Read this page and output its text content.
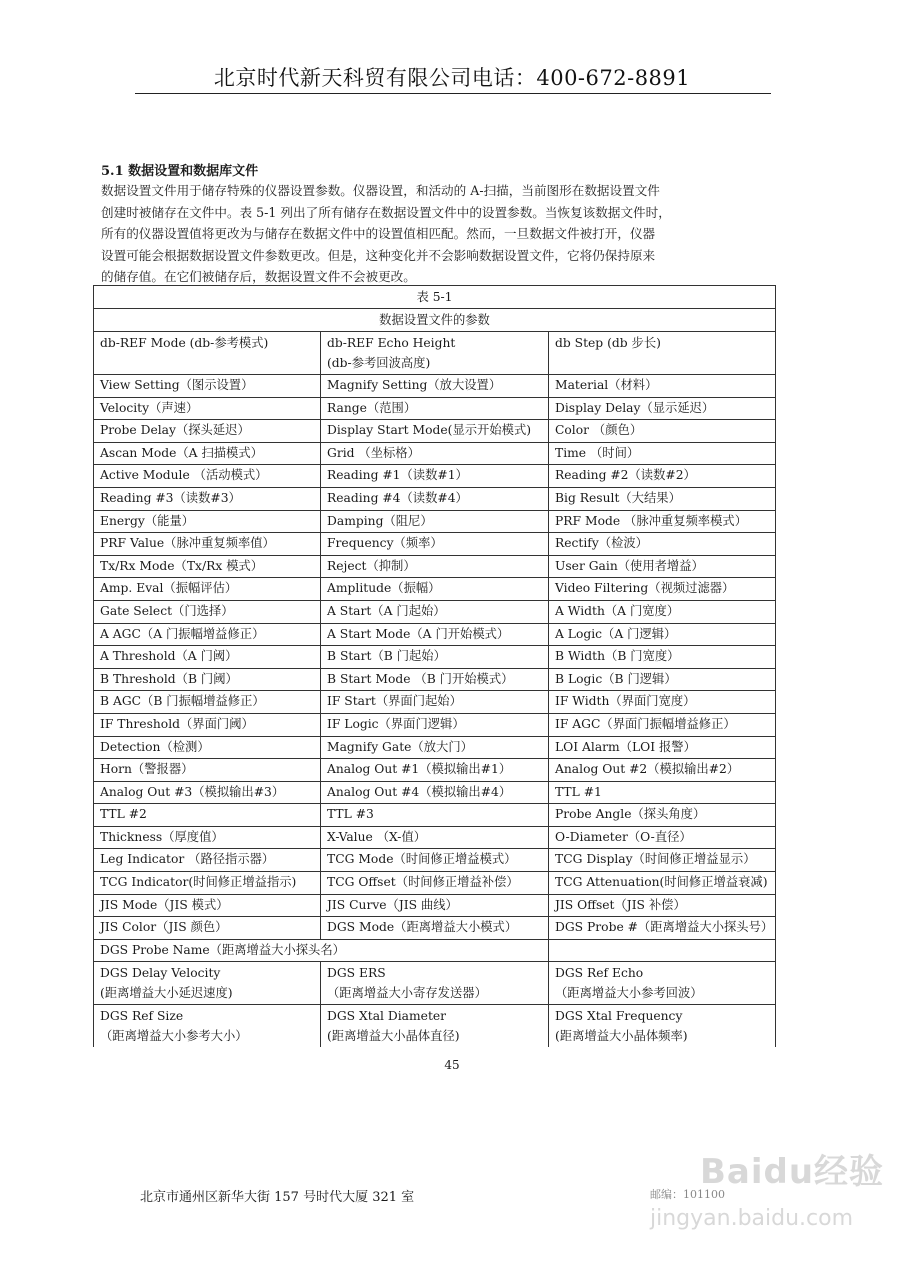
北京时代新天科贸有限公司电话：400-672-8891
5.1 数据设置和数据库文件

数据设置文件用于储存特殊的仪器设置参数。仪器设置，和活动的 A-扫描，当前图形在数据设置文件
创建时被储存在文件中。表 5-1 列出了所有储存在数据设置文件中的设置参数。当恢复该数据文件时，
所有的仪器设置值将更改为与储存在数据文件中的设置值相匹配。然而，一旦数据文件被打开，仪器
设置可能会根据数据设置文件参数更改。但是，这种变化并不会影响数据设置文件，它将仍保持原来
的储存值。在它们被储存后，数据设置文件不会被更改。

表 5-1		
数据设置文件的参数		

db-REF Mode (db-参考模式)	db-REF Echo Height
(db-参考回波高度)	db Step (db 步长)

View Setting（图示设置）	Magnify Setting（放大设置）	Material（材料）

Velocity（声速）	Range（范围）	Display Delay（显示延迟）

Probe Delay（探头延迟）	Display Start Mode(显示开始模式)	Color （颜色）

Ascan Mode（A 扫描模式）	Grid （坐标格）	Time （时间）

Active Module （活动模式）	Reading #1（读数#1）	Reading #2（读数#2）

Reading #3（读数#3）	Reading #4（读数#4）	Big Result（大结果）

Energy（能量）	Damping（阻尼）	PRF Mode （脉冲重复频率模式）

PRF Value（脉冲重复频率值）	Frequency（频率）	Rectify（检波）

Tx/Rx Mode（Tx/Rx 模式）	Reject（抑制）	User Gain（使用者增益）

Amp. Eval（振幅评估）	Amplitude（振幅）	Video Filtering（视频过滤器）

Gate Select（门选择）	A Start（A 门起始）	A Width（A 门宽度）

A AGC（A 门振幅增益修正）	A Start Mode（A 门开始模式）	A Logic（A 门逻辑）

A Threshold（A 门阈）	B Start（B 门起始）	B Width（B 门宽度）

B Threshold（B 门阈）	B Start Mode （B 门开始模式）	B Logic（B 门逻辑）

B AGC（B 门振幅增益修正）	IF Start（界面门起始）	IF Width（界面门宽度）

IF Threshold（界面门阈）	IF Logic（界面门逻辑）	IF AGC（界面门振幅增益修正）

Detection（检测）	Magnify Gate（放大门）	LOI Alarm（LOI 报警）

Horn（警报器）	Analog Out #1（模拟输出#1）	Analog Out #2（模拟输出#2）

Analog Out #3（模拟输出#3）	Analog Out #4（模拟输出#4）	TTL #1

TTL #2	TTL #3	Probe Angle（探头角度）

Thickness（厚度值）	X-Value （X-值）	O-Diameter（O-直径）

Leg Indicator （路径指示器）	TCG Mode（时间修正增益模式）	TCG Display（时间修正增益显示）

TCG Indicator(时间修正增益指示)	TCG Offset（时间修正增益补偿）	TCG Attenuation(时间修正增益衰减)

JIS Mode（JIS 模式）	JIS Curve（JIS 曲线）	JIS Offset（JIS 补偿）

JIS Color（JIS 颜色）	DGS Mode（距离增益大小模式）	DGS Probe #（距离增益大小探头号）

DGS Probe Name（距离增益大小探头名）		

DGS Delay Velocity
(距离增益大小延迟速度)	DGS ERS
（距离增益大小寄存发送器）	DGS Ref Echo
（距离增益大小参考回波）

DGS Ref Size
（距离增益大小参考大小）	DGS Xtal Diameter
(距离增益大小晶体直径)	DGS Xtal Frequency
(距离增益大小晶体频率)
45
北京市通州区新华大街 157 号时代大厦 321 室	邮编：101100
Baidu经验
jingyan.baidu.com
